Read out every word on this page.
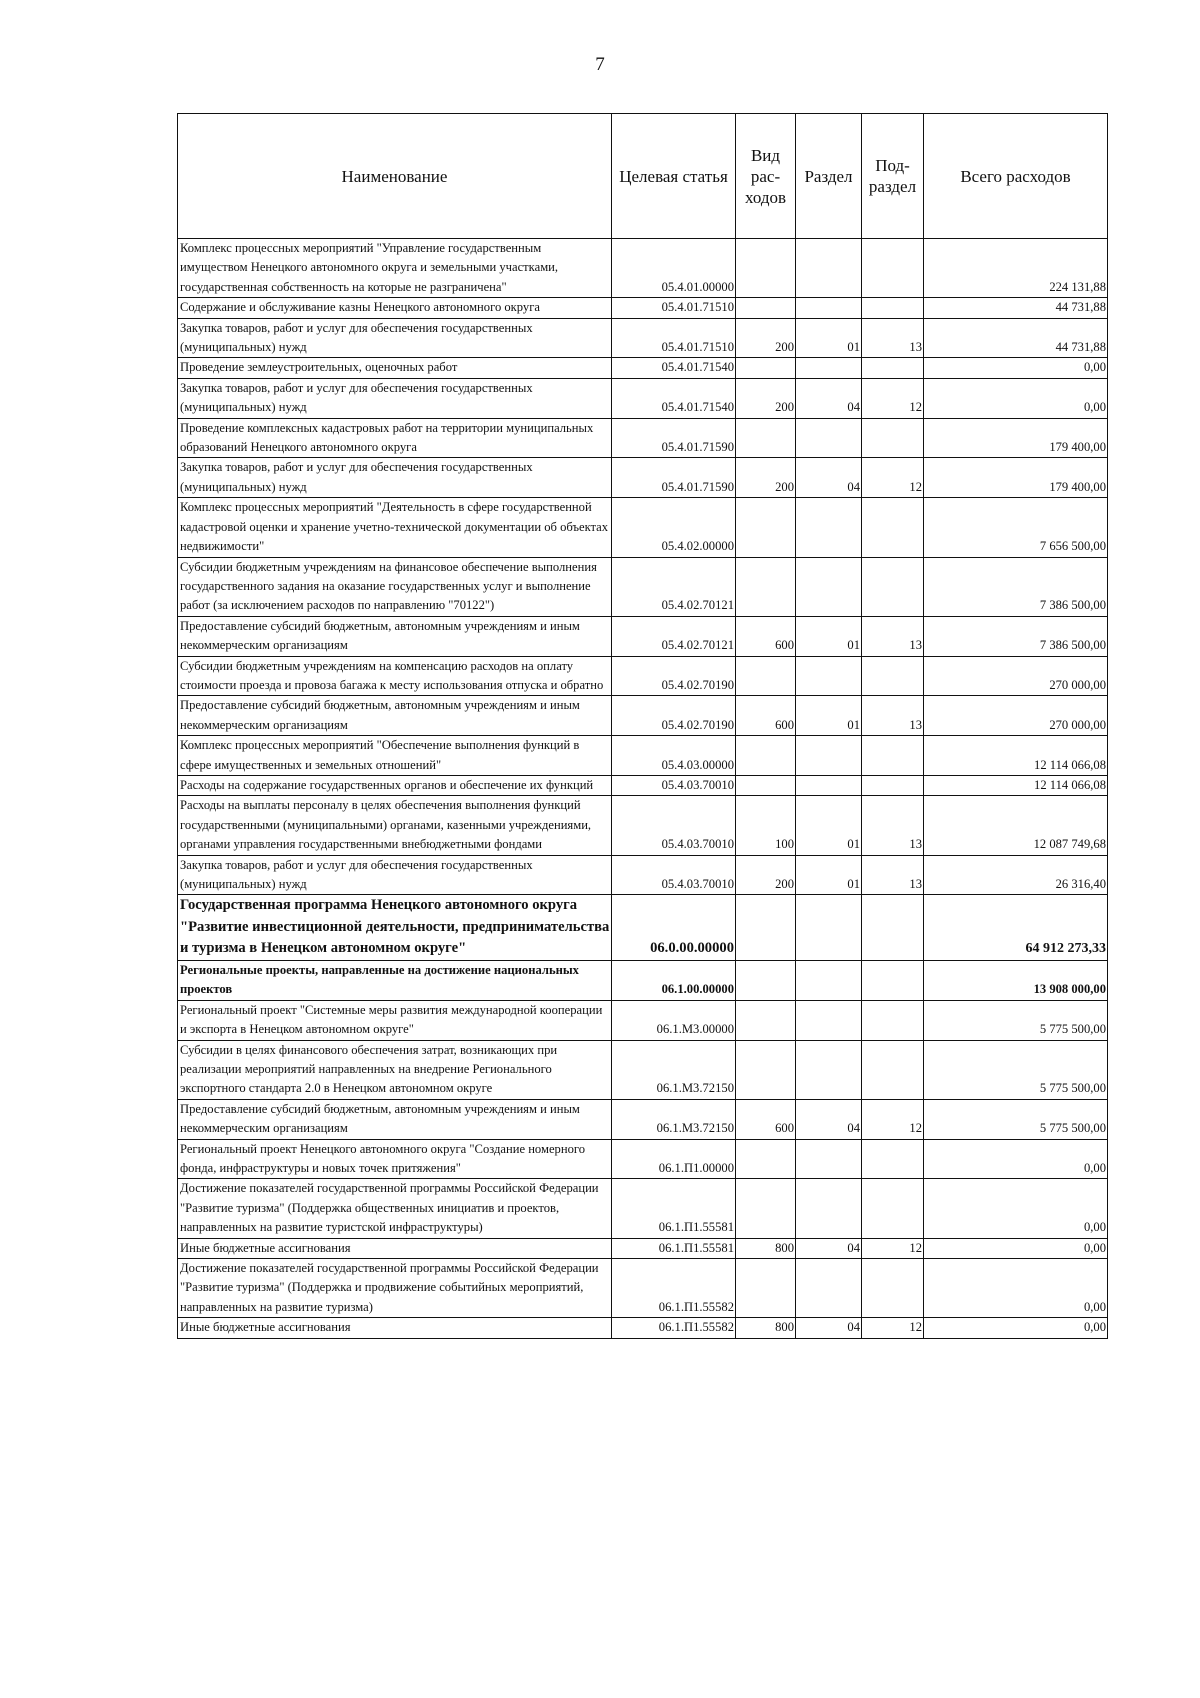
7
Наименование	Целевая статья	Вид рас-ходов	Раздел	Под-раздел	Всего расходов
Комплекс процессных мероприятий "Управление государственным имуществом Ненецкого автономного округа и земельными участками, государственная собственность на которые не разграничена"	05.4.01.00000				224 131,88
Содержание и обслуживание казны Ненецкого автономного округа	05.4.01.71510				44 731,88
Закупка товаров, работ и услуг для обеспечения государственных (муниципальных) нужд	05.4.01.71510	200	01	13	44 731,88
Проведение землеустроительных, оценочных работ	05.4.01.71540				0,00
Закупка товаров, работ и услуг для обеспечения государственных (муниципальных) нужд	05.4.01.71540	200	04	12	0,00
Проведение комплексных кадастровых работ на территории муниципальных образований Ненецкого автономного округа	05.4.01.71590				179 400,00
Закупка товаров, работ и услуг для обеспечения государственных (муниципальных) нужд	05.4.01.71590	200	04	12	179 400,00
Комплекс процессных мероприятий "Деятельность в сфере государственной кадастровой оценки и хранение учетно-технической документации об объектах недвижимости"	05.4.02.00000				7 656 500,00
Субсидии бюджетным учреждениям на финансовое обеспечение выполнения государственного задания на оказание государственных услуг и выполнение работ (за исключением расходов по направлению "70122")	05.4.02.70121				7 386 500,00
Предоставление субсидий бюджетным, автономным учреждениям и иным некоммерческим организациям	05.4.02.70121	600	01	13	7 386 500,00
Субсидии бюджетным учреждениям на компенсацию расходов на оплату стоимости проезда и провоза багажа к месту использования отпуска и обратно	05.4.02.70190				270 000,00
Предоставление субсидий бюджетным, автономным учреждениям и иным некоммерческим организациям	05.4.02.70190	600	01	13	270 000,00
Комплекс процессных мероприятий "Обеспечение выполнения функций в сфере имущественных и земельных отношений"	05.4.03.00000				12 114 066,08
Расходы на содержание государственных органов и обеспечение их функций	05.4.03.70010				12 114 066,08
Расходы на выплаты персоналу в целях обеспечения выполнения функций государственными (муниципальными) органами, казенными учреждениями, органами управления государственными внебюджетными фондами	05.4.03.70010	100	01	13	12 087 749,68
Закупка товаров, работ и услуг для обеспечения государственных (муниципальных) нужд	05.4.03.70010	200	01	13	26 316,40
Государственная программа Ненецкого автономного округа "Развитие инвестиционной деятельности, предпринимательства и туризма в Ненецком автономном округе"	06.0.00.00000				64 912 273,33
Региональные проекты, направленные на достижение национальных проектов	06.1.00.00000				13 908 000,00
Региональный проект "Системные меры развития международной кооперации и экспорта в Ненецком автономном округе"	06.1.M3.00000				5 775 500,00
Субсидии в целях финансового обеспечения затрат, возникающих при реализации мероприятий направленных на внедрение Регионального экспортного стандарта 2.0 в Ненецком автономном округе	06.1.M3.72150				5 775 500,00
Предоставление субсидий бюджетным, автономным учреждениям и иным некоммерческим организациям	06.1.M3.72150	600	04	12	5 775 500,00
Региональный проект Ненецкого автономного округа "Создание номерного фонда, инфраструктуры и новых точек притяжения"	06.1.П1.00000				0,00
Достижение показателей государственной программы Российской Федерации "Развитие туризма" (Поддержка общественных инициатив и проектов, направленных на развитие туристской инфраструктуры)	06.1.П1.55581				0,00
Иные бюджетные ассигнования	06.1.П1.55581	800	04	12	0,00
Достижение показателей государственной программы Российской Федерации "Развитие туризма" (Поддержка и продвижение событийных мероприятий, направленных на развитие туризма)	06.1.П1.55582				0,00
Иные бюджетные ассигнования	06.1.П1.55582	800	04	12	0,00
